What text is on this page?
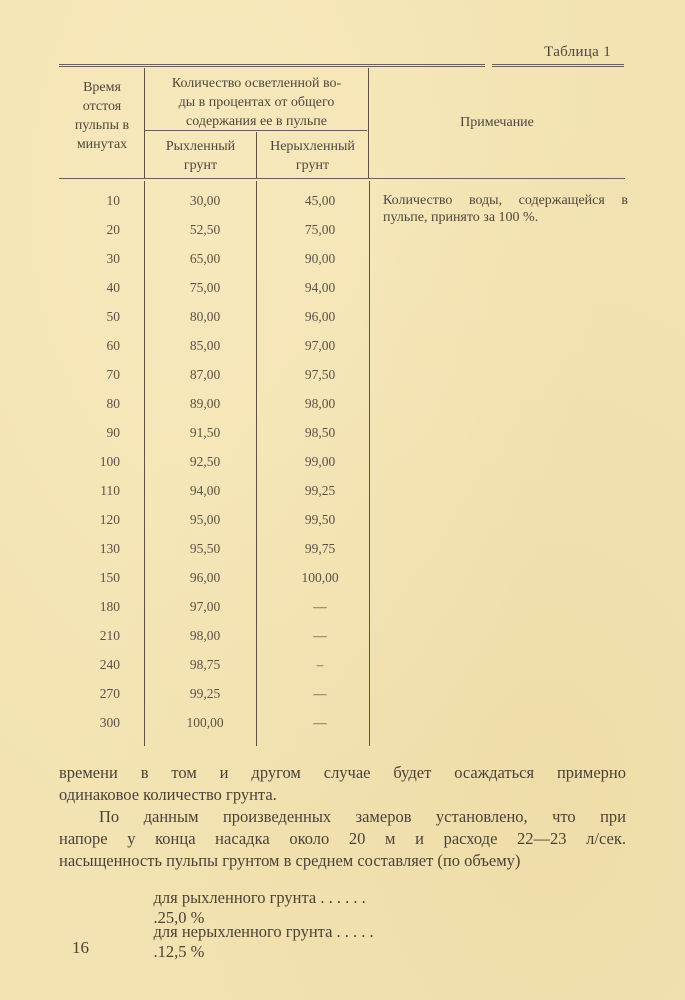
Таблица 1
Время
отстоя
пульпы в
минутах
Количество осветленной во-
ды в процентах от общего
содержания ее в пульпе
Рыхленный
грунт
Нерыхленный
грунт
Примечание
10	30,00	45,00
20	52,50	75,00
30	65,00	90,00
40	75,00	94,00
50	80,00	96,00
60	85,00	97,00
70	87,00	97,50
80	89,00	98,00
90	91,50	98,50
100	92,50	99,00
110	94,00	99,25
120	95,00	99,50
130	95,50	99,75
150	96,00	100,00
180	97,00	—
210	98,00	—
240	98,75	–
270	99,25	—
300	100,00	—
Количество воды, содержащейся в пульпе, принято за 100 %.
времени в том и другом случае будет осаждаться примерно
одинаковое количество грунта.
По данным произведенных замеров установлено, что при
напоре у конца насадка около 20 м и расходе 22—23 л/сек.
насыщенность пульпы грунтом в среднем составляет (по объему)

для рыхленного грунта . . . . . .
.25,0 %

для нерыхленного грунта . . . . .
.12,5 %

16
